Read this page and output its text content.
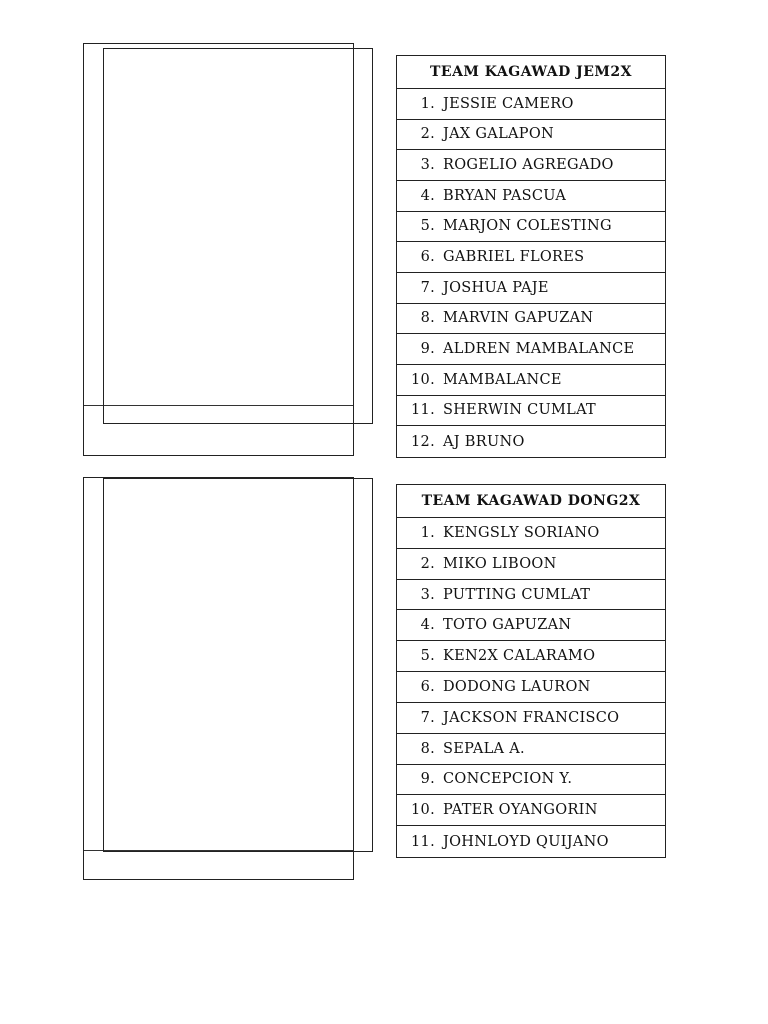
TEAM KAGAWAD JEM2X
1. JESSIE CAMERO
2. JAX GALAPON
3. ROGELIO AGREGADO
4. BRYAN PASCUA
5. MARJON COLESTING
6. GABRIEL FLORES
7. JOSHUA PAJE
8. MARVIN GAPUZAN
9. ALDREN MAMBALANCE
10. MAMBALANCE
11. SHERWIN CUMLAT
12. AJ BRUNO
TEAM KAGAWAD DONG2X
1. KENGSLY SORIANO
2. MIKO LIBOON
3. PUTTING CUMLAT
4. TOTO GAPUZAN
5. KEN2X CALARAMO
6. DODONG LAURON
7. JACKSON FRANCISCO
8. SEPALA A.
9. CONCEPCION Y.
10. PATER OYANGORIN
11. JOHNLOYD QUIJANO
